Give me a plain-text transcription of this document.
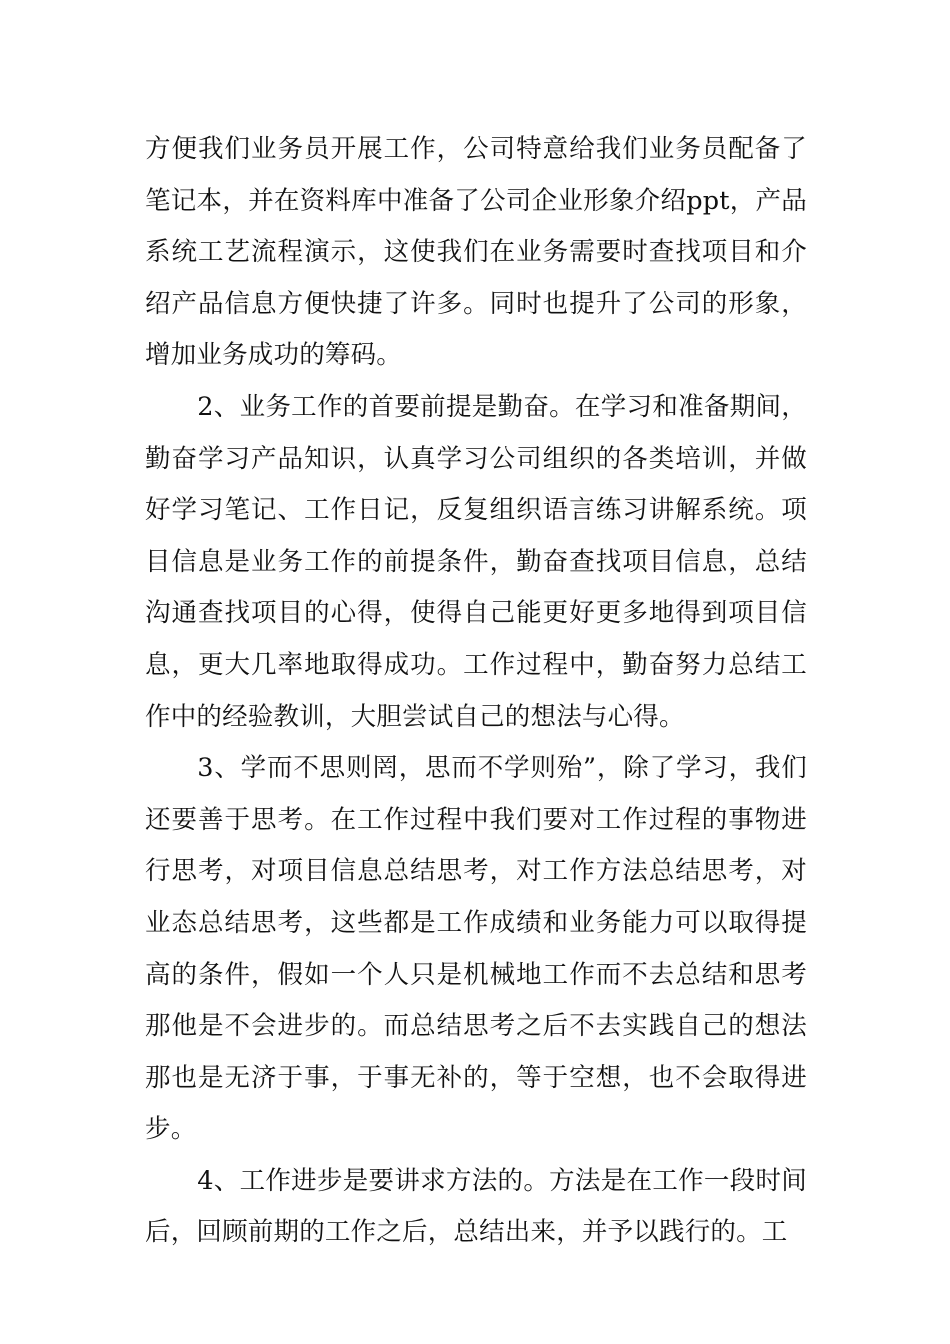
方便我们业务员开展工作，公司特意给我们业务员配备了笔记本，并在资料库中准备了公司企业形象介绍ppt，产品系统工艺流程演示，这使我们在业务需要时查找项目和介绍产品信息方便快捷了许多。同时也提升了公司的形象，增加业务成功的筹码。

2、业务工作的首要前提是勤奋。在学习和准备期间，勤奋学习产品知识，认真学习公司组织的各类培训，并做好学习笔记、工作日记，反复组织语言练习讲解系统。项目信息是业务工作的前提条件，勤奋查找项目信息，总结沟通查找项目的心得，使得自己能更好更多地得到项目信息，更大几率地取得成功。工作过程中，勤奋努力总结工作中的经验教训，大胆尝试自己的想法与心得。

3、学而不思则罔，思而不学则殆”，除了学习，我们还要善于思考。在工作过程中我们要对工作过程的事物进行思考，对项目信息总结思考，对工作方法总结思考，对业态总结思考，这些都是工作成绩和业务能力可以取得提高的条件，假如一个人只是机械地工作而不去总结和思考那他是不会进步的。而总结思考之后不去实践自己的想法那也是无济于事，于事无补的，等于空想，也不会取得进步。

4、工作进步是要讲求方法的。方法是在工作一段时间后，回顾前期的工作之后，总结出来，并予以践行的。工
